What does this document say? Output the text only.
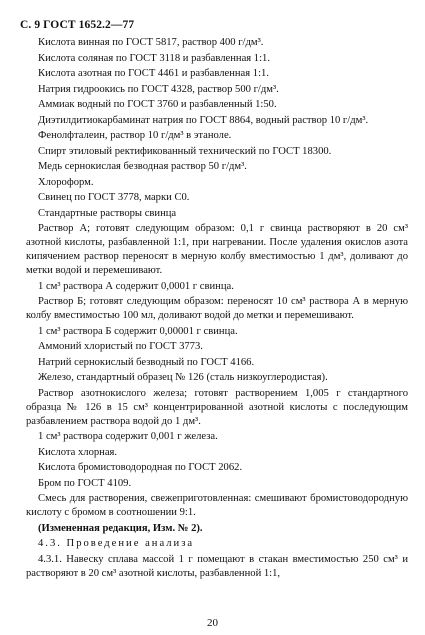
С. 9 ГОСТ 1652.2—77

Кислота винная по ГОСТ 5817, раствор 400 г/дм³.

Кислота соляная по ГОСТ 3118 и разбавленная 1:1.

Кислота азотная по ГОСТ 4461 и разбавленная 1:1.

Натрия гидроокись по ГОСТ 4328, раствор 500 г/дм³.

Аммиак водный по ГОСТ 3760 и разбавленный 1:50.

Диэтилдитиокарбаминат натрия по ГОСТ 8864, водный раствор 10 г/дм³.

Фенолфталеин, раствор 10 г/дм³ в этаноле.

Спирт этиловый ректификованный технический по ГОСТ 18300.

Медь сернокислая безводная раствор 50 г/дм³.

Хлороформ.

Свинец по ГОСТ 3778, марки С0.

Стандартные растворы свинца

Раствор А; готовят следующим образом: 0,1 г свинца растворяют в 20 см³ азотной кислоты, разбавленной 1:1, при нагревании. После удаления окислов азота кипячением раствор переносят в мерную колбу вместимостью 1 дм³, доливают до метки водой и перемешивают.

1 см³ раствора А содержит 0,0001 г свинца.

Раствор Б; готовят следующим образом: переносят 10 см³ раствора А в мерную колбу вместимостью 100 мл, доливают водой до метки и перемешивают.

1 см³ раствора Б содержит 0,00001 г свинца.

Аммоний хлористый по ГОСТ 3773.

Натрий сернокислый безводный по ГОСТ 4166.

Железо, стандартный образец № 126 (сталь низкоуглеродистая).

Раствор азотнокислого железа; готовят растворением 1,005 г стандартного образца № 126 в 15 см³ концентрированной азотной кислоты с последующим разбавлением раствора водой до 1 дм³.

1 см³ раствора содержит 0,001 г железа.

Кислота хлорная.

Кислота бромистоводородная по ГОСТ 2062.

Бром по ГОСТ 4109.

Смесь для растворения, свежеприготовленная: смешивают бромистоводородную кислоту с бромом в соотношении 9:1.

(Измененная редакция, Изм. № 2).

4.3. Проведение анализа

4.3.1. Навеску сплава массой 1 г помещают в стакан вместимостью 250 см³ и растворяют в 20 см³ азотной кислоты, разбавленной 1:1,

20
